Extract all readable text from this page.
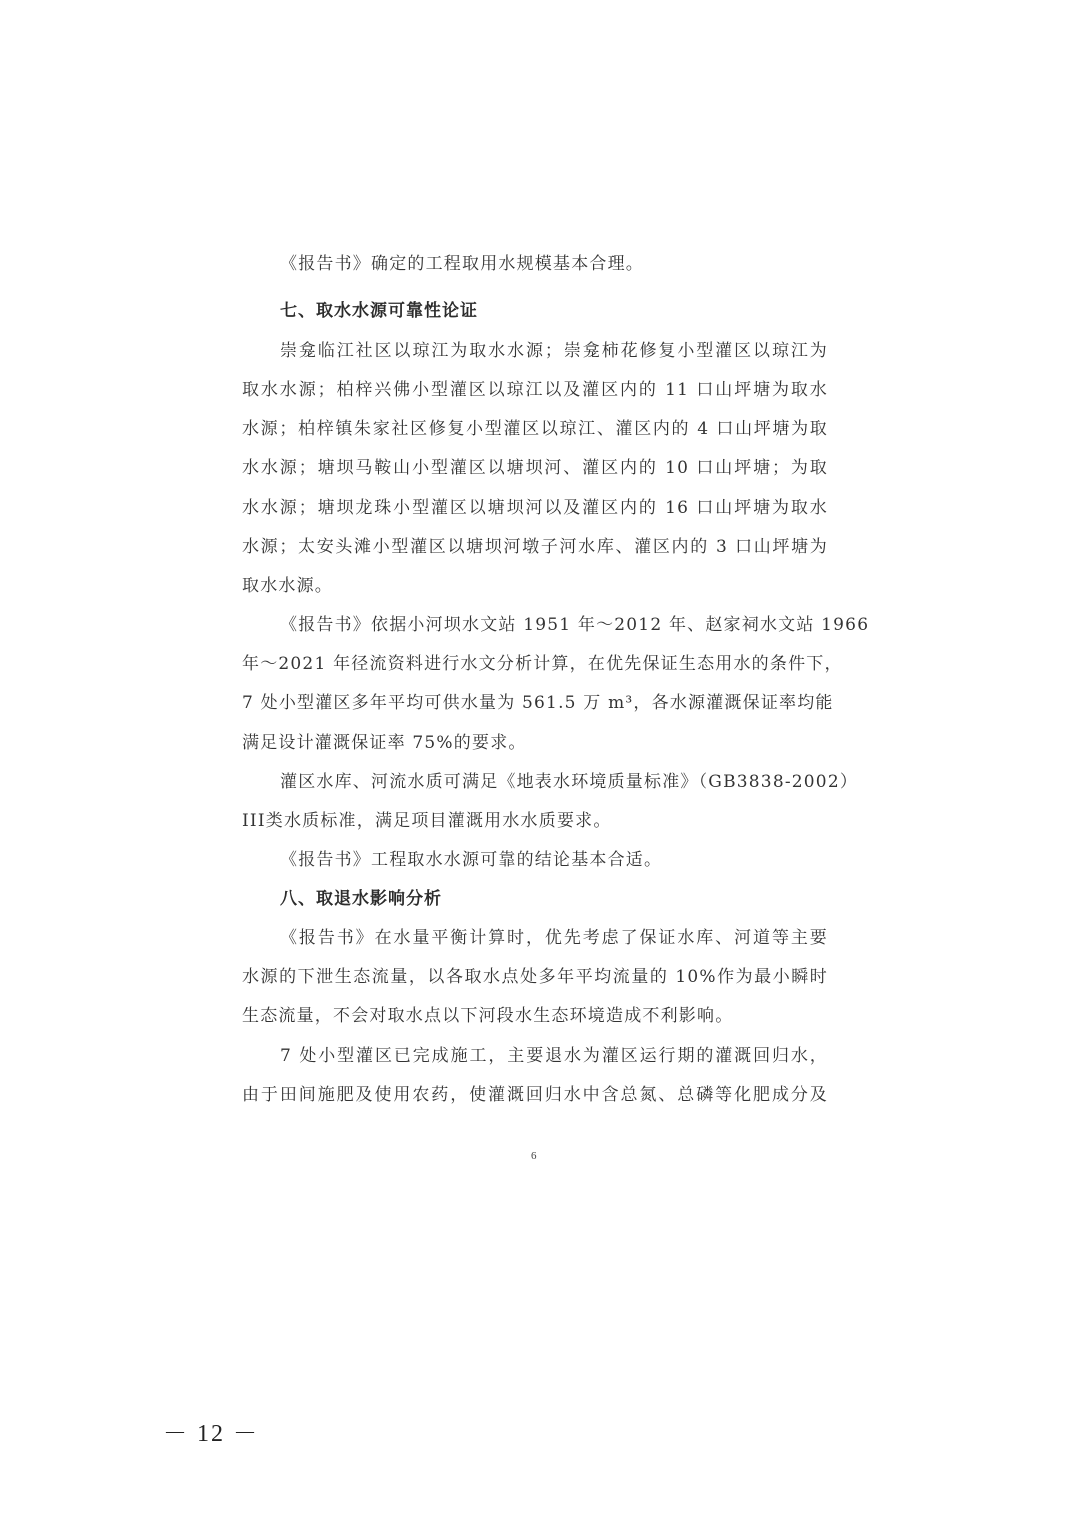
《报告书》确定的工程取用水规模基本合理。
七、取水水源可靠性论证
崇龛临江社区以琼江为取水水源；崇龛柿花修复小型灌区以琼江为
取水水源；柏梓兴佛小型灌区以琼江以及灌区内的 11 口山坪塘为取水
水源；柏梓镇朱家社区修复小型灌区以琼江、灌区内的 4 口山坪塘为取
水水源；塘坝马鞍山小型灌区以塘坝河、灌区内的 10 口山坪塘；为取
水水源；塘坝龙珠小型灌区以塘坝河以及灌区内的 16 口山坪塘为取水
水源；太安头滩小型灌区以塘坝河墩子河水库、灌区内的 3 口山坪塘为
取水水源。
《报告书》依据小河坝水文站 1951 年～2012 年、赵家祠水文站 1966
年～2021 年径流资料进行水文分析计算，在优先保证生态用水的条件下，
7 处小型灌区多年平均可供水量为 561.5 万 m³，各水源灌溉保证率均能
满足设计灌溉保证率 75%的要求。
灌区水库、河流水质可满足《地表水环境质量标准》（GB3838-2002）
III类水质标准，满足项目灌溉用水水质要求。
《报告书》工程取水水源可靠的结论基本合适。
八、取退水影响分析
《报告书》在水量平衡计算时，优先考虑了保证水库、河道等主要
水源的下泄生态流量，以各取水点处多年平均流量的 10%作为最小瞬时
生态流量，不会对取水点以下河段水生态环境造成不利影响。
7 处小型灌区已完成施工，主要退水为灌区运行期的灌溉回归水，
由于田间施肥及使用农药，使灌溉回归水中含总氮、总磷等化肥成分及
6
－ 12 －
